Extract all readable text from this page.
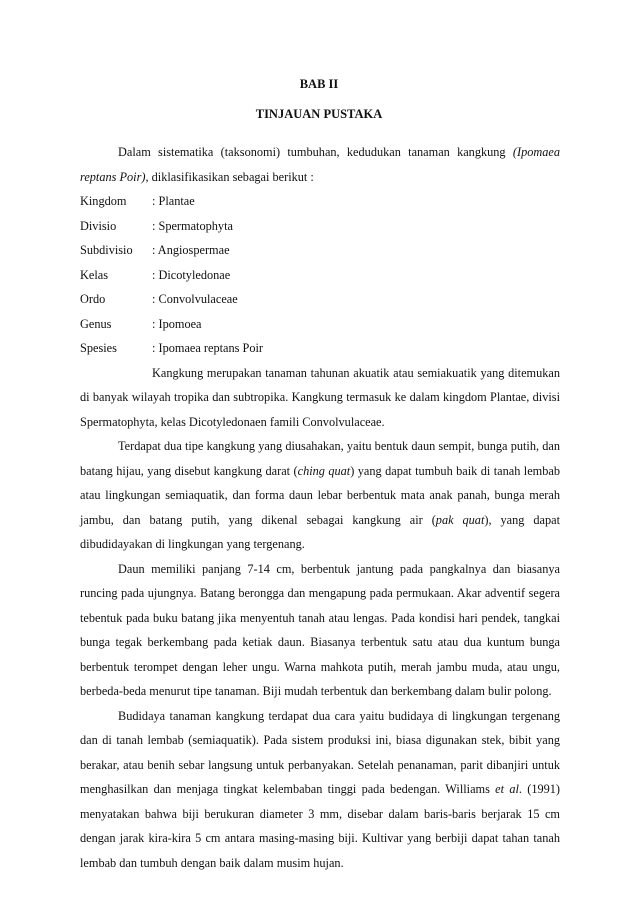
BAB II
TINJAUAN PUSTAKA

Dalam sistematika (taksonomi) tumbuhan, kedudukan tanaman kangkung (Ipomaea reptans Poir), diklasifikasikan sebagai berikut :

Kingdom	: Plantae
Divisio	: Spermatophyta
Subdivisio	: Angiospermae
Kelas	: Dicotyledonae
Ordo	: Convolvulaceae
Genus	: Ipomoea
Spesies	: Ipomaea reptans Poir

Kangkung merupakan tanaman tahunan akuatik atau semiakuatik yang ditemukan di banyak wilayah tropika dan subtropika. Kangkung termasuk ke dalam kingdom Plantae, divisi Spermatophyta, kelas Dicotyledonaen famili Convolvulaceae.

Terdapat dua tipe kangkung yang diusahakan, yaitu bentuk daun sempit, bunga putih, dan batang hijau, yang disebut kangkung darat (ching quat) yang dapat tumbuh baik di tanah lembab atau lingkungan semiaquatik, dan forma daun lebar berbentuk mata anak panah, bunga merah jambu, dan batang putih, yang dikenal sebagai kangkung air (pak quat), yang dapat dibudidayakan di lingkungan yang tergenang.

Daun memiliki panjang 7-14 cm, berbentuk jantung pada pangkalnya dan biasanya runcing pada ujungnya. Batang berongga dan mengapung pada permukaan. Akar adventif segera tebentuk pada buku batang jika menyentuh tanah atau lengas. Pada kondisi hari pendek, tangkai bunga tegak berkembang pada ketiak daun. Biasanya terbentuk satu atau dua kuntum bunga berbentuk terompet dengan leher ungu. Warna mahkota putih, merah jambu muda, atau ungu, berbeda-beda menurut tipe tanaman. Biji mudah terbentuk dan berkembang dalam bulir polong.

Budidaya tanaman kangkung terdapat dua cara yaitu budidaya di lingkungan tergenang dan di tanah lembab (semiaquatik). Pada sistem produksi ini, biasa digunakan stek, bibit yang berakar, atau benih sebar langsung untuk perbanyakan. Setelah penanaman, parit dibanjiri untuk menghasilkan dan menjaga tingkat kelembaban tinggi pada bedengan. Williams et al. (1991) menyatakan bahwa biji berukuran diameter 3 mm, disebar dalam baris-baris berjarak 15 cm dengan jarak kira-kira 5 cm antara masing-masing biji. Kultivar yang berbiji dapat tahan tanah lembab dan tumbuh dengan baik dalam musim hujan.
